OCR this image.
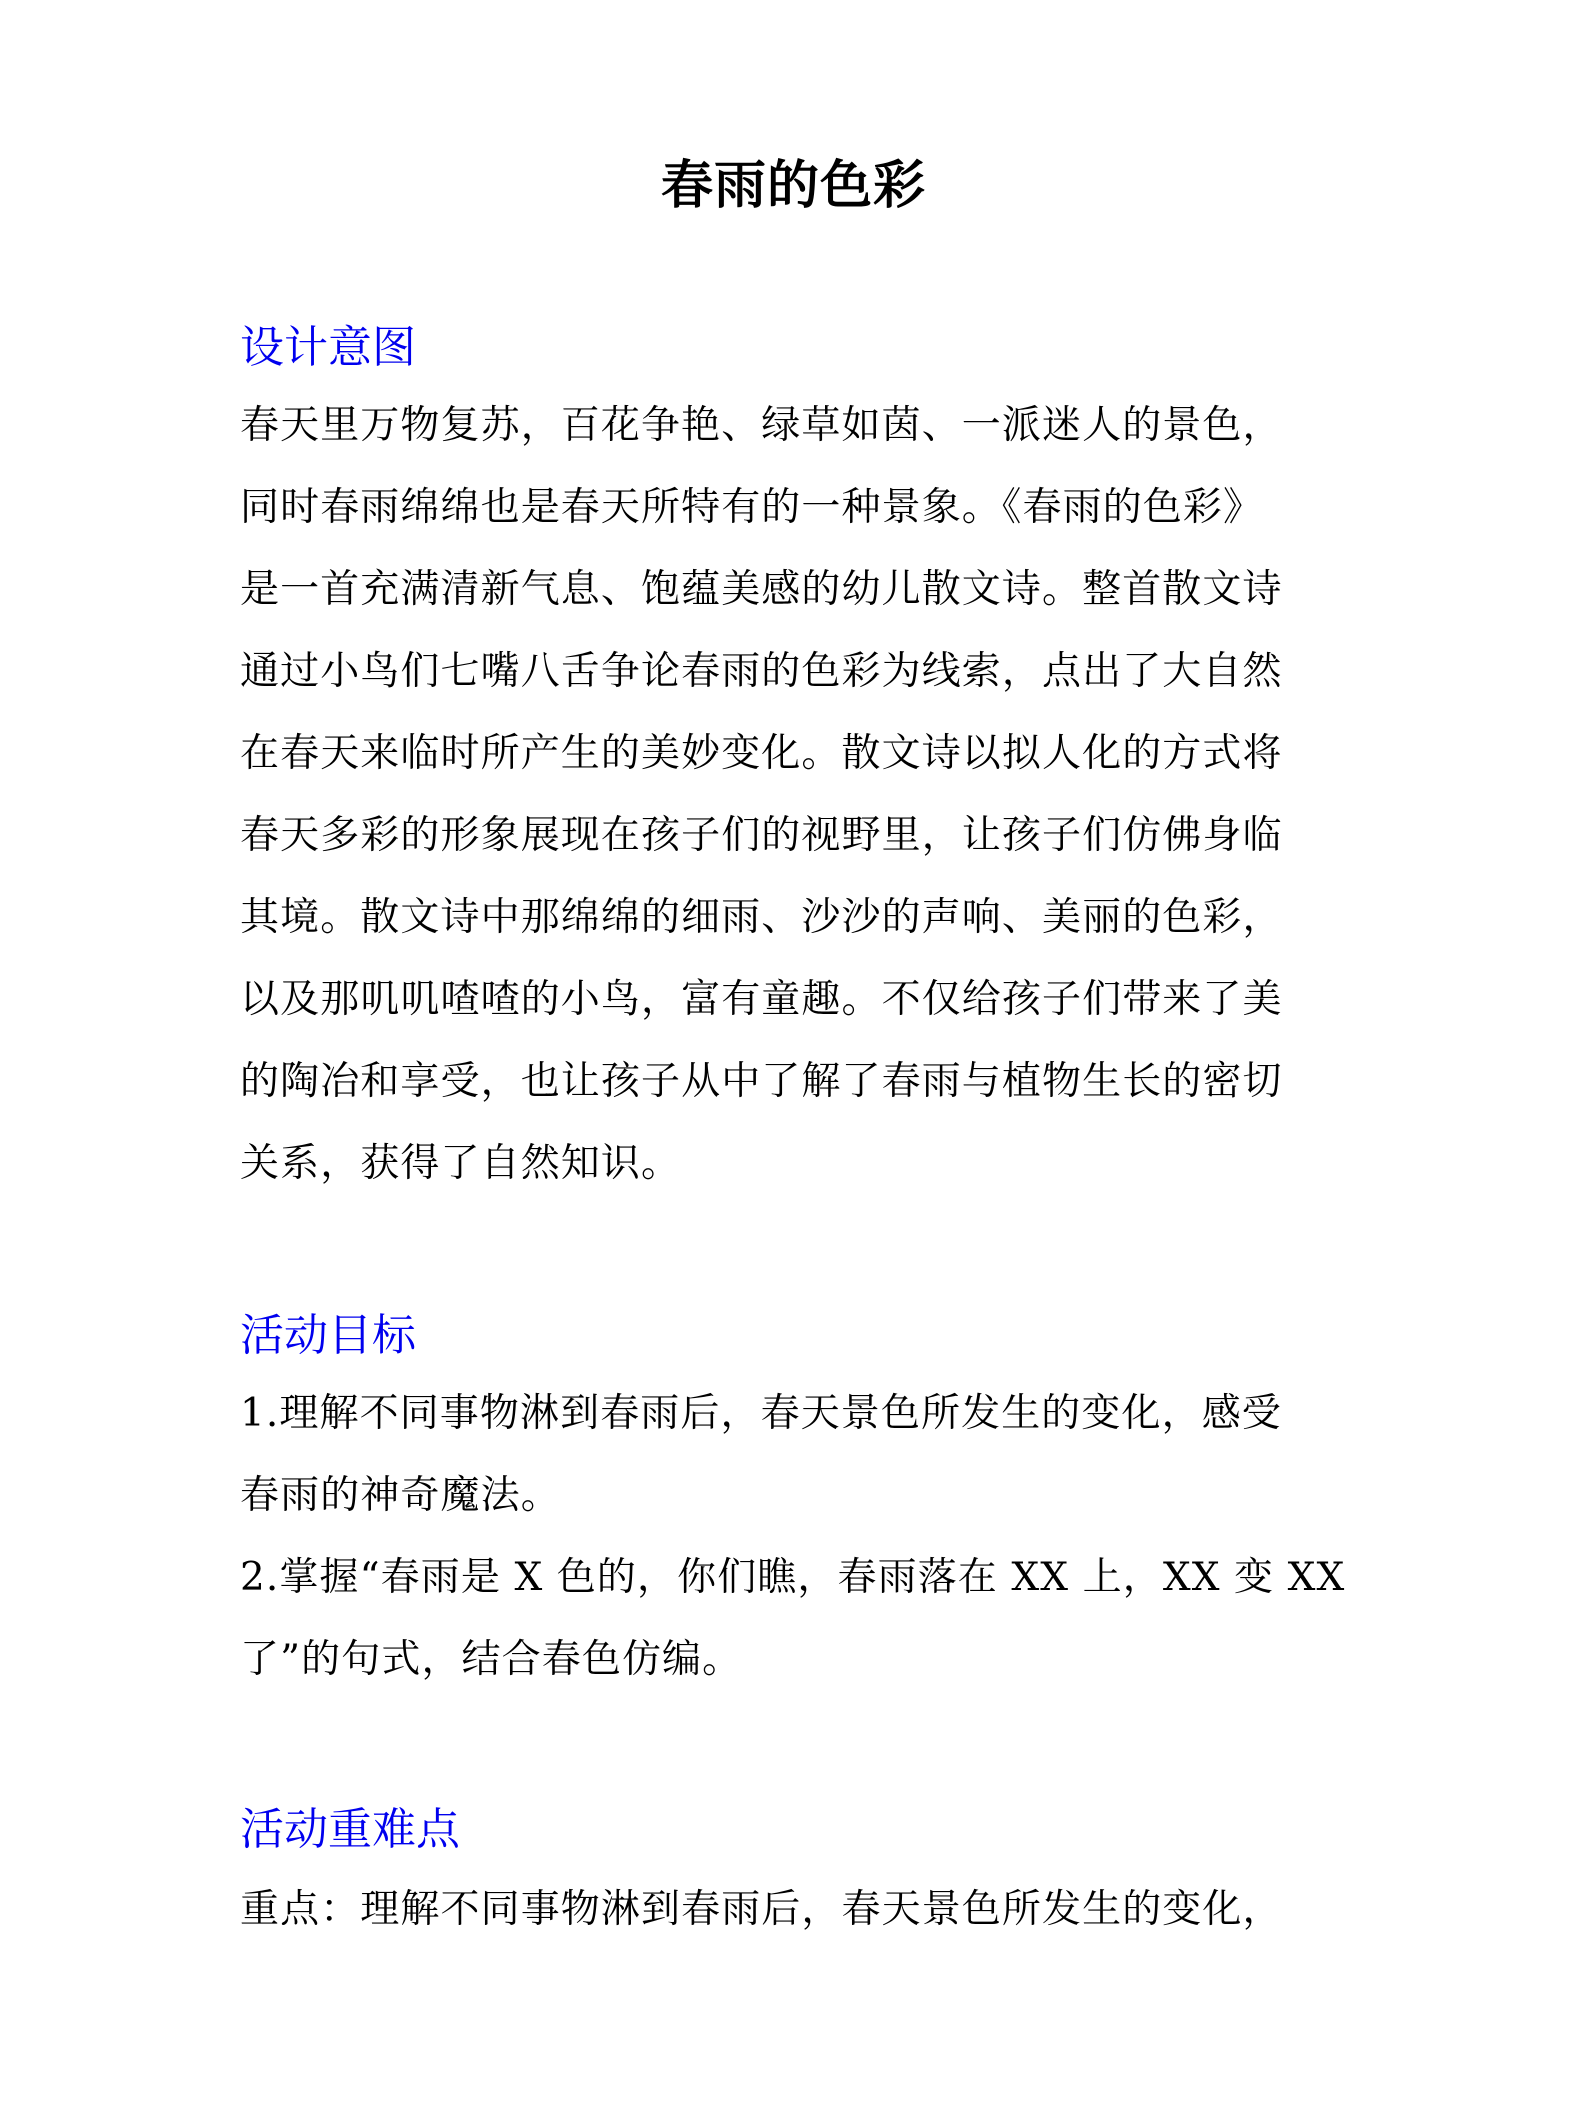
春雨的色彩
设计意图
春天里万物复苏，百花争艳、绿草如茵、一派迷人的景色，
同时春雨绵绵也是春天所特有的一种景象。《春雨的色彩》
是一首充满清新气息、饱蕴美感的幼儿散文诗。整首散文诗
通过小鸟们七嘴八舌争论春雨的色彩为线索，点出了大自然
在春天来临时所产生的美妙变化。散文诗以拟人化的方式将
春天多彩的形象展现在孩子们的视野里，让孩子们仿佛身临
其境。散文诗中那绵绵的细雨、沙沙的声响、美丽的色彩，
以及那叽叽喳喳的小鸟，富有童趣。不仅给孩子们带来了美
的陶冶和享受，也让孩子从中了解了春雨与植物生长的密切
关系，获得了自然知识。
活动目标
1.理解不同事物淋到春雨后，春天景色所发生的变化，感受
春雨的神奇魔法。
2.掌握“春雨是 X 色的，你们瞧，春雨落在 XX 上，XX 变 XX
了”的句式，结合春色仿编。
活动重难点
重点：理解不同事物淋到春雨后，春天景色所发生的变化，
